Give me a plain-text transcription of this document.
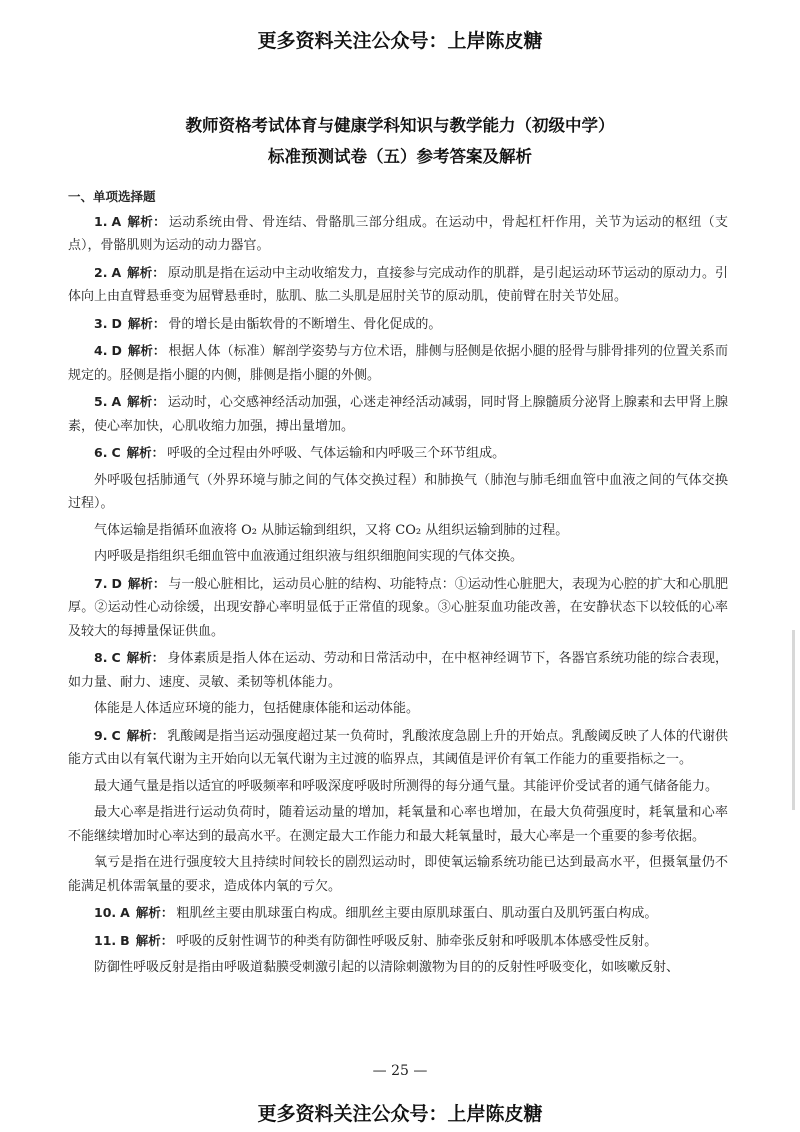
更多资料关注公众号：上岸陈皮糖
教师资格考试体育与健康学科知识与教学能力（初级中学）
标准预测试卷（五）参考答案及解析
一、单项选择题
1. A 解析： 运动系统由骨、骨连结、骨骼肌三部分组成。在运动中，骨起杠杆作用，关节为运动的枢纽（支点），骨骼肌则为运动的动力器官。
2. A 解析： 原动肌是指在运动中主动收缩发力，直接参与完成动作的肌群，是引起运动环节运动的原动力。引体向上由直臂悬垂变为屈臂悬垂时，肱肌、肱二头肌是屈肘关节的原动肌，使前臂在肘关节处屈。
3. D 解析： 骨的增长是由骺软骨的不断增生、骨化促成的。
4. D 解析： 根据人体（标准）解剖学姿势与方位术语，腓侧与胫侧是依据小腿的胫骨与腓骨排列的位置关系而规定的。胫侧是指小腿的内侧，腓侧是指小腿的外侧。
5. A 解析： 运动时，心交感神经活动加强，心迷走神经活动减弱，同时肾上腺髓质分泌肾上腺素和去甲肾上腺素，使心率加快，心肌收缩力加强，搏出量增加。
6. C 解析： 呼吸的全过程由外呼吸、气体运输和内呼吸三个环节组成。
外呼吸包括肺通气（外界环境与肺之间的气体交换过程）和肺换气（肺泡与肺毛细血管中血液之间的气体交换过程）。
气体运输是指循环血液将 O₂ 从肺运输到组织，又将 CO₂ 从组织运输到肺的过程。
内呼吸是指组织毛细血管中血液通过组织液与组织细胞间实现的气体交换。
7. D 解析： 与一般心脏相比，运动员心脏的结构、功能特点：①运动性心脏肥大，表现为心腔的扩大和心肌肥厚。②运动性心动徐缓，出现安静心率明显低于正常值的现象。③心脏泵血功能改善，在安静状态下以较低的心率及较大的每搏量保证供血。
8. C 解析： 身体素质是指人体在运动、劳动和日常活动中，在中枢神经调节下，各器官系统功能的综合表现，如力量、耐力、速度、灵敏、柔韧等机体能力。
体能是人体适应环境的能力，包括健康体能和运动体能。
9. C 解析： 乳酸阈是指当运动强度超过某一负荷时，乳酸浓度急剧上升的开始点。乳酸阈反映了人体的代谢供能方式由以有氧代谢为主开始向以无氧代谢为主过渡的临界点，其阈值是评价有氧工作能力的重要指标之一。
最大通气量是指以适宜的呼吸频率和呼吸深度呼吸时所测得的每分通气量。其能评价受试者的通气储备能力。
最大心率是指进行运动负荷时，随着运动量的增加，耗氧量和心率也增加，在最大负荷强度时，耗氧量和心率不能继续增加时心率达到的最高水平。在测定最大工作能力和最大耗氧量时，最大心率是一个重要的参考依据。
氧亏是指在进行强度较大且持续时间较长的剧烈运动时，即使氧运输系统功能已达到最高水平，但摄氧量仍不能满足机体需氧量的要求，造成体内氧的亏欠。
10. A 解析： 粗肌丝主要由肌球蛋白构成。细肌丝主要由原肌球蛋白、肌动蛋白及肌钙蛋白构成。
11. B 解析： 呼吸的反射性调节的种类有防御性呼吸反射、肺牵张反射和呼吸肌本体感受性反射。
防御性呼吸反射是指由呼吸道黏膜受刺激引起的以清除刺激物为目的的反射性呼吸变化，如咳嗽反射、
— 25 —
更多资料关注公众号：上岸陈皮糖
